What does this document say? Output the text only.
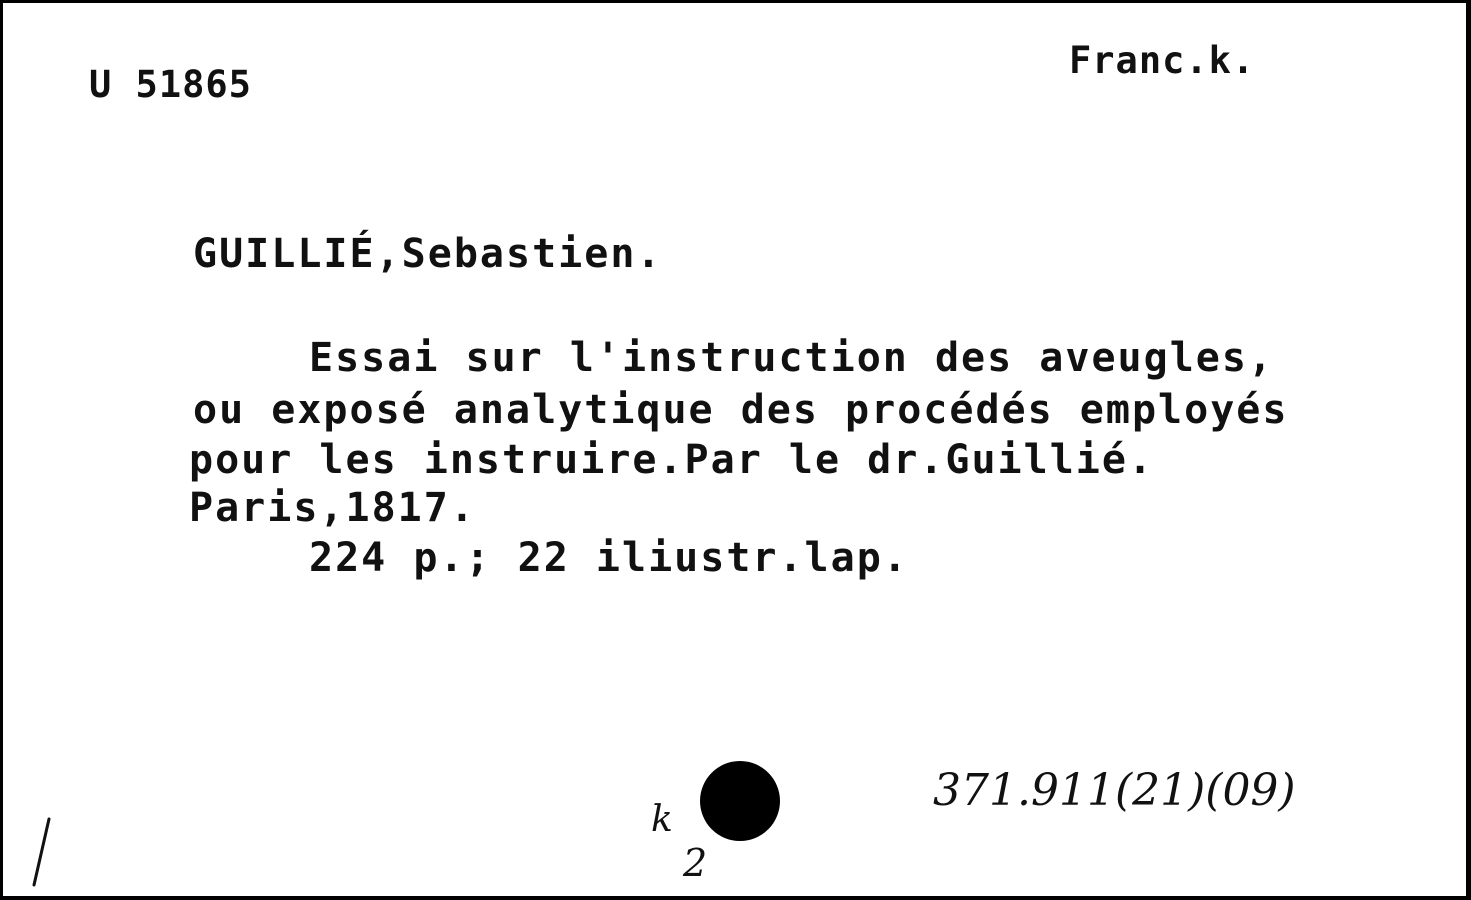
U 51865
Franc.k.
GUILLIÉ,Sebastien.
Essai sur l'instruction des aveugles,
ou exposé analytique des procédés employés
pour les instruire.Par le dr.Guillié.
Paris,1817.
224 p.; 22 iliustr.lap.
371.911(21)(09)
k
2
